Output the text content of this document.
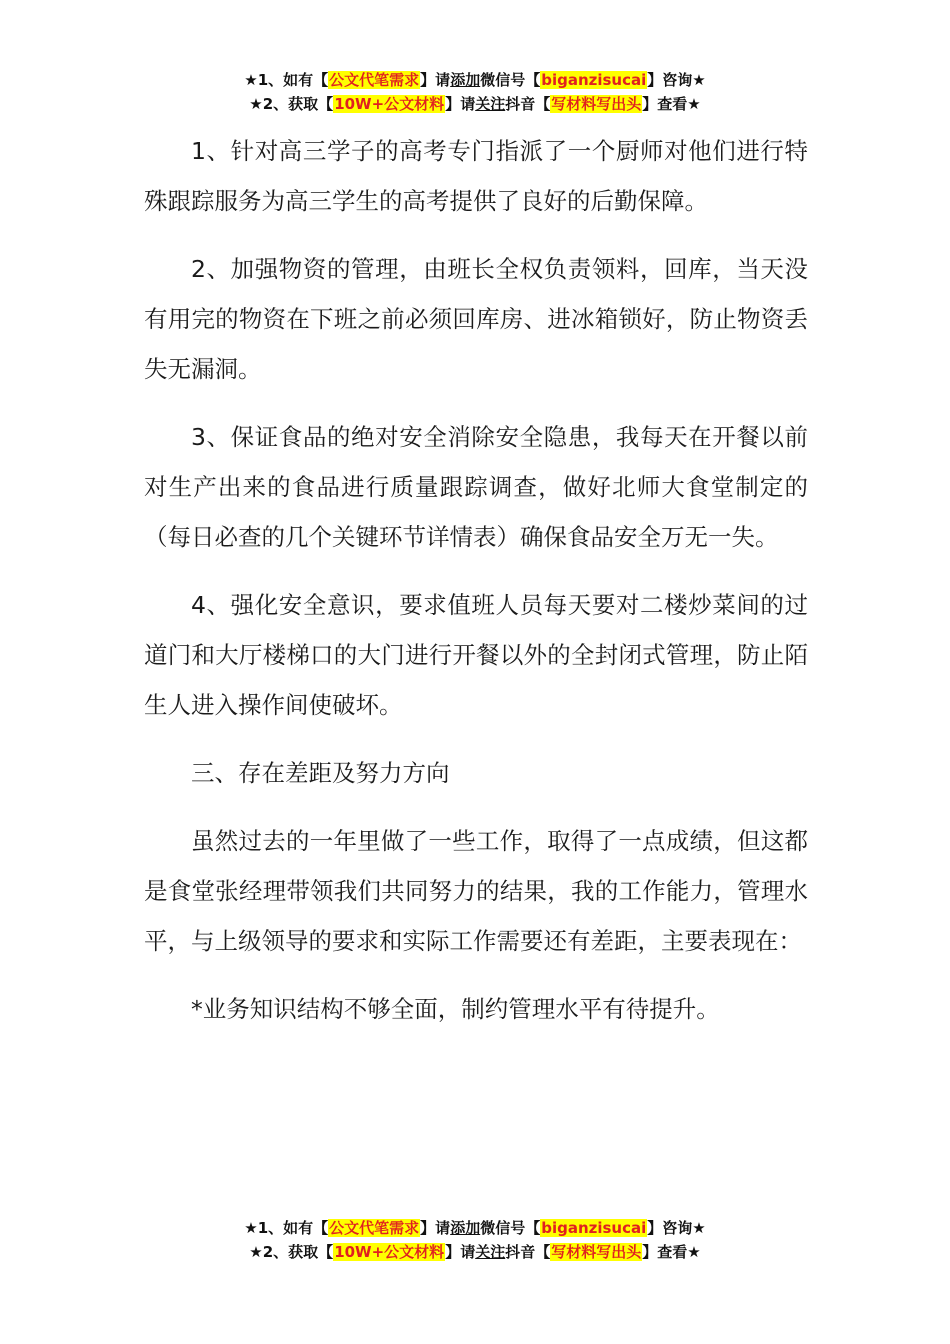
★1、如有【公文代笔需求】请添加微信号【biganzisucai】咨询★
★2、获取【10W+公文材料】请关注抖音【写材料写出头】查看★

1、针对高三学子的高考专门指派了一个厨师对他们进行特殊跟踪服务为高三学生的高考提供了良好的后勤保障。

2、加强物资的管理，由班长全权负责领料，回库，当天没有用完的物资在下班之前必须回库房、进冰箱锁好，防止物资丢失无漏洞。

3、保证食品的绝对安全消除安全隐患，我每天在开餐以前对生产出来的食品进行质量跟踪调查，做好北师大食堂制定的（每日必查的几个关键环节详情表）确保食品安全万无一失。

4、强化安全意识，要求值班人员每天要对二楼炒菜间的过道门和大厅楼梯口的大门进行开餐以外的全封闭式管理，防止陌生人进入操作间使破坏。

三、存在差距及努力方向

虽然过去的一年里做了一些工作，取得了一点成绩，但这都是食堂张经理带领我们共同努力的结果，我的工作能力，管理水平，与上级领导的要求和实际工作需要还有差距，主要表现在：

*业务知识结构不够全面，制约管理水平有待提升。

★1、如有【公文代笔需求】请添加微信号【biganzisucai】咨询★
★2、获取【10W+公文材料】请关注抖音【写材料写出头】查看★
